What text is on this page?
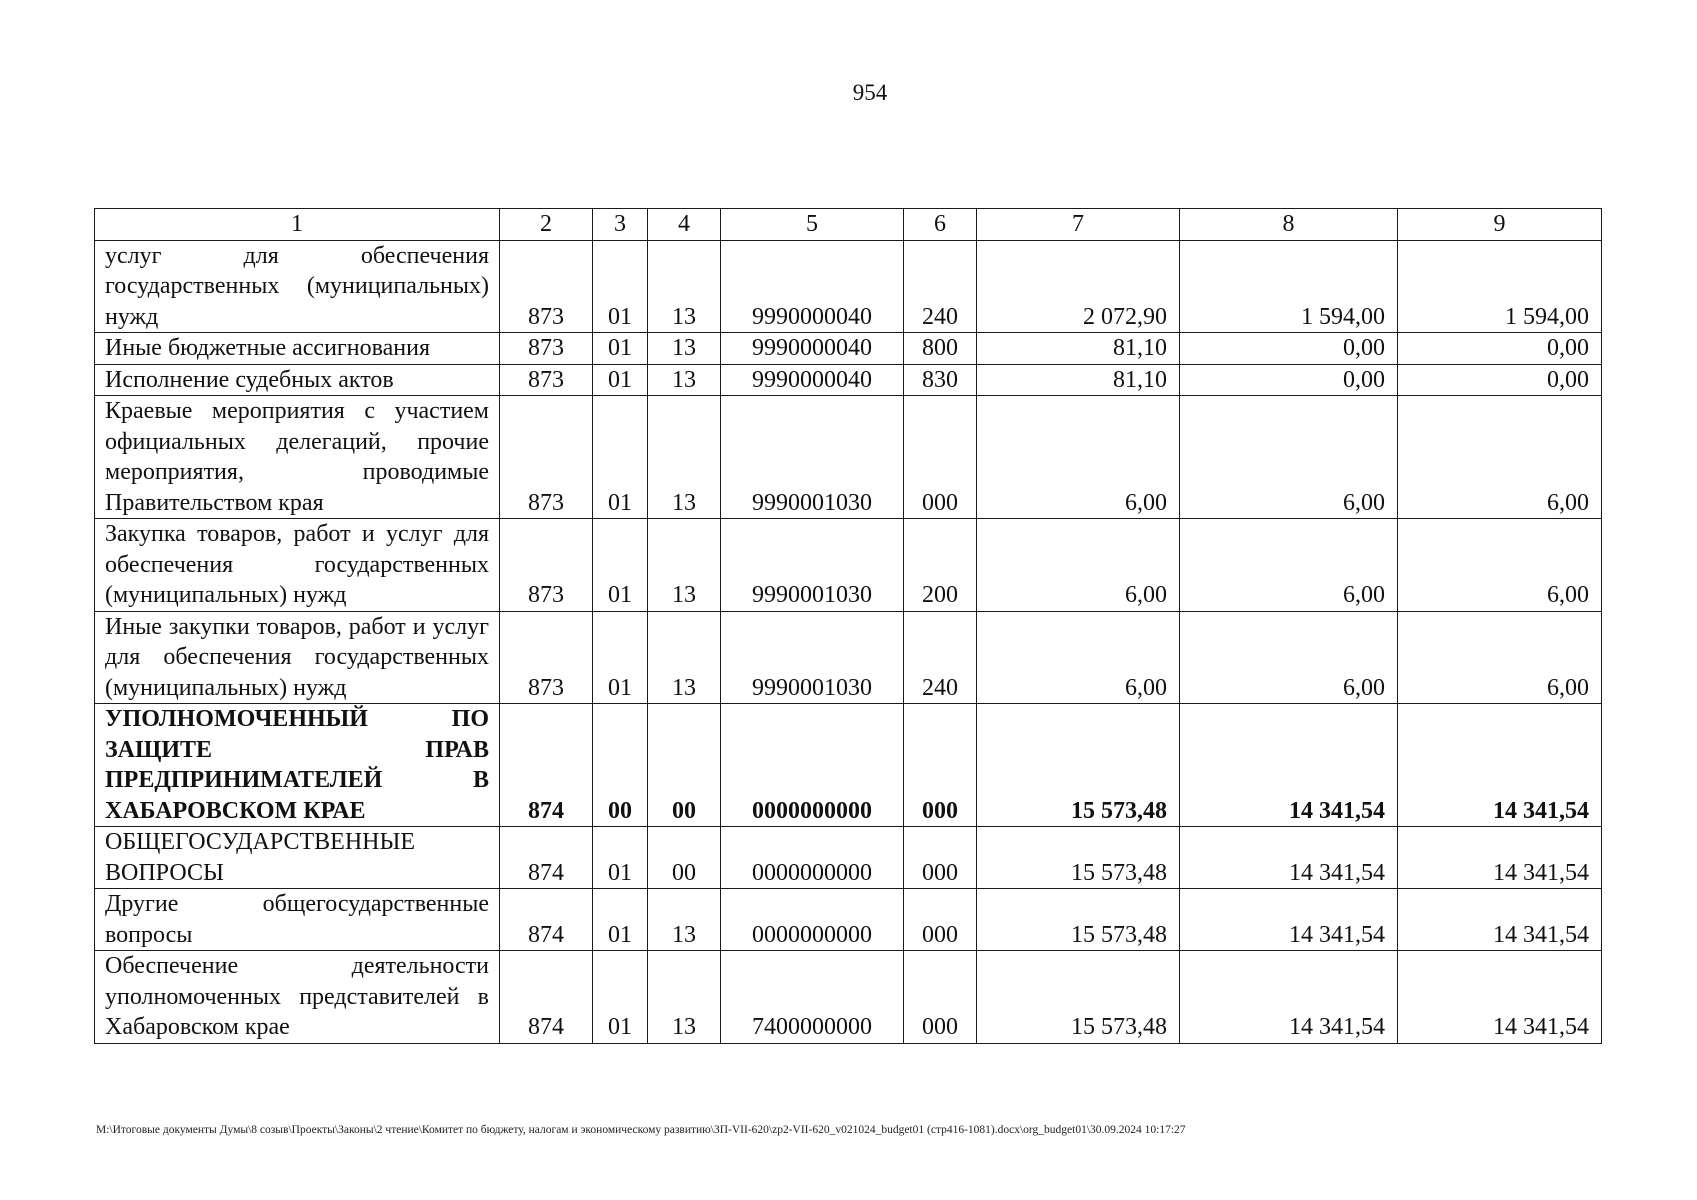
954
1	2	3	4	5	6	7	8	9
услуг для обеспечения государственных (муниципальных) нужд	873	01	13	9990000040	240	2 072,90	1 594,00	1 594,00
Иные бюджетные ассигнования	873	01	13	9990000040	800	81,10	0,00	0,00
Исполнение судебных актов	873	01	13	9990000040	830	81,10	0,00	0,00
Краевые мероприятия с участием официальных делегаций, прочие мероприятия, проводимые Правительством края	873	01	13	9990001030	000	6,00	6,00	6,00
Закупка товаров, работ и услуг для обеспечения государственных (муниципальных) нужд	873	01	13	9990001030	200	6,00	6,00	6,00
Иные закупки товаров, работ и услуг для обеспечения государственных (муниципальных) нужд	873	01	13	9990001030	240	6,00	6,00	6,00
УПОЛНОМОЧЕННЫЙ ПО ЗАЩИТЕ ПРАВ ПРЕДПРИНИМАТЕЛЕЙ В ХАБАРОВСКОМ КРАЕ	874	00	00	0000000000	000	15 573,48	14 341,54	14 341,54
ОБЩЕГОСУДАРСТВЕННЫЕ ВОПРОСЫ	874	01	00	0000000000	000	15 573,48	14 341,54	14 341,54
Другие общегосударственные вопросы	874	01	13	0000000000	000	15 573,48	14 341,54	14 341,54
Обеспечение деятельности уполномоченных представителей в Хабаровском крае	874	01	13	7400000000	000	15 573,48	14 341,54	14 341,54
M:\Итоговые документы Думы\8 созыв\Проекты\Законы\2 чтение\Комитет по бюджету, налогам и экономическому развитию\ЗП-VII-620\zp2-VII-620_v021024_budget01 (стр416-1081).docx\org_budget01\30.09.2024 10:17:27
